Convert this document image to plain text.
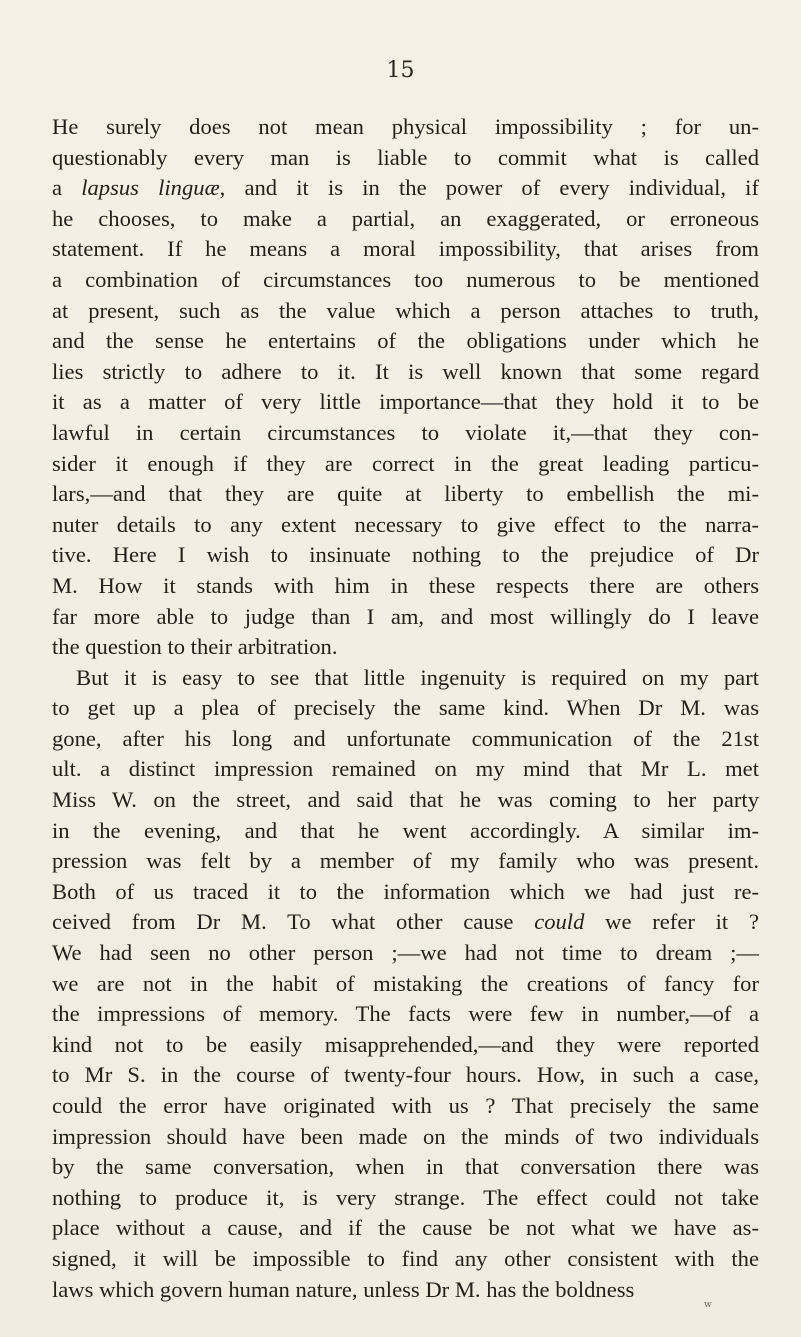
15

He surely does not mean physical impossibility ; for un-
questionably every man is liable to commit what is called
a lapsus linguæ, and it is in the power of every individual, if
he chooses, to make a partial, an exaggerated, or erroneous
statement. If he means a moral impossibility, that arises from
a combination of circumstances too numerous to be mentioned
at present, such as the value which a person attaches to truth,
and the sense he entertains of the obligations under which he
lies strictly to adhere to it. It is well known that some regard
it as a matter of very little importance—that they hold it to be
lawful in certain circumstances to violate it,—that they con-
sider it enough if they are correct in the great leading particu-
lars,—and that they are quite at liberty to embellish the mi-
nuter details to any extent necessary to give effect to the narra-
tive. Here I wish to insinuate nothing to the prejudice of Dr
M. How it stands with him in these respects there are others
far more able to judge than I am, and most willingly do I leave
the question to their arbitration.
But it is easy to see that little ingenuity is required on my part
to get up a plea of precisely the same kind. When Dr M. was
gone, after his long and unfortunate communication of the 21st
ult. a distinct impression remained on my mind that Mr L. met
Miss W. on the street, and said that he was coming to her party
in the evening, and that he went accordingly. A similar im-
pression was felt by a member of my family who was present.
Both of us traced it to the information which we had just re-
ceived from Dr M. To what other cause could we refer it ?
We had seen no other person ;—we had not time to dream ;—
we are not in the habit of mistaking the creations of fancy for
the impressions of memory. The facts were few in number,—of a
kind not to be easily misapprehended,—and they were reported
to Mr S. in the course of twenty-four hours. How, in such a case,
could the error have originated with us ? That precisely the same
impression should have been made on the minds of two individuals
by the same conversation, when in that conversation there was
nothing to produce it, is very strange. The effect could not take
place without a cause, and if the cause be not what we have as-
signed, it will be impossible to find any other consistent with the
laws which govern human nature, unless Dr M. has the boldness
w
